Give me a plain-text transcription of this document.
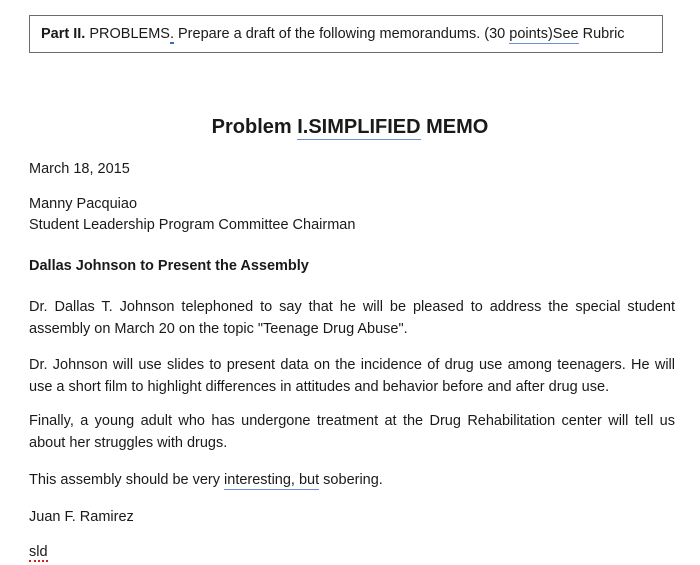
Part II. PROBLEMS. Prepare a draft of the following memorandums. (30 points)See Rubric
Problem I.SIMPLIFIED MEMO
March 18, 2015
Manny Pacquiao
Student Leadership Program Committee Chairman
Dallas Johnson to Present the Assembly
Dr. Dallas T. Johnson telephoned to say that he will be pleased to address the special student assembly on March 20 on the topic "Teenage Drug Abuse".
Dr. Johnson will use slides to present data on the incidence of drug use among teenagers. He will use a short film to highlight differences in attitudes and behavior before and after drug use.
Finally, a young adult who has undergone treatment at the Drug Rehabilitation center will tell us about her struggles with drugs.
This assembly should be very interesting, but sobering.
Juan F. Ramirez
sld
